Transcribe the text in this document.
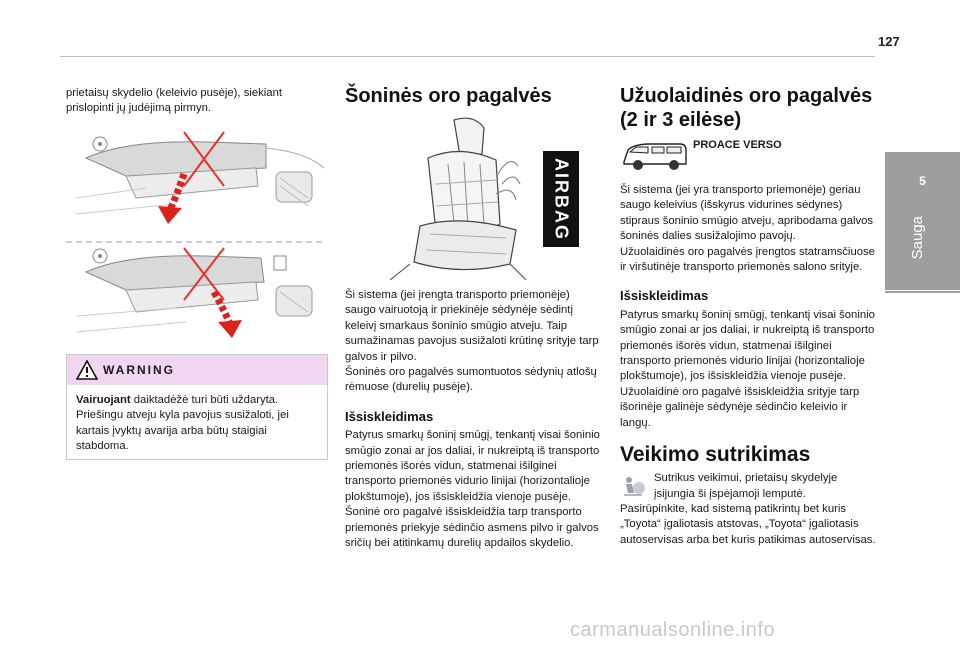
127
5
Sauga

prietaisų skydelio (keleivio pusėje), siekiant prislopinti jų judėjimą pirmyn.

WARNING
Vairuojant daiktadėžė turi būti uždaryta. Priešingu atveju kyla pavojus susižaloti, jei kartais įvyktų avarija arba būtų staigiai stabdoma.
Šoninės oro pagalvės
AIRBAG

Ši sistema (jei įrengta transporto priemonėje) saugo vairuotoją ir priekinėje sėdynėje sėdintį keleivį smarkaus šoninio smūgio atveju. Taip sumažinamas pavojus susižaloti krūtinę srityje tarp galvos ir pilvo.
Šoninės oro pagalvės sumontuotos sėdynių atlošų rėmuose (durelių pusėje).

Išsiskleidimas

Patyrus smarkų šoninį smūgį, tenkantį visai šoninio smūgio zonai ar jos daliai, ir nukreiptą iš transporto priemonės išorės vidun, statmenai išilginei transporto priemonės vidurio linijai (horizontalioje plokštumoje), jos išsiskleidžia vienoje pusėje.
Šoninė oro pagalvė išsiskleidžia tarp transporto priemonės priekyje sėdinčio asmens pilvo ir galvos sričių bei atitinkamų durelių apdailos skydelio.

Užuolaidinės oro pagalvės
(2 ir 3 eilėse)
PROACE VERSO

Ši sistema (jei yra transporto priemonėje) geriau saugo keleivius (išskyrus vidurines sėdynes) stipraus šoninio smūgio atveju, apribodama galvos šoninės dalies susižalojimo pavojų.
Užuolaidinės oro pagalvės įrengtos statramsčiuose ir viršutinėje transporto priemonės salono srityje.

Išsiskleidimas

Patyrus smarkų šoninį smūgį, tenkantį visai šoninio smūgio zonai ar jos daliai, ir nukreiptą iš transporto priemonės išorės vidun, statmenai išilginei transporto priemonės vidurio linijai (horizontalioje plokštumoje), jos išsiskleidžia vienoje pusėje.
Užuolaidinė oro pagalvė išsiskleidžia srityje tarp išorinėje galinėje sėdynėje sėdinčio keleivio ir langų.

Veikimo sutrikimas

Sutrikus veikimui, prietaisų skydelyje įsijungia ši įspėjamoji lemputė.

Pasirūpinkite, kad sistemą patikrintų bet kuris „Toyota“ įgaliotasis atstovas, „Toyota“ įgaliotasis autoservisas arba bet kuris patikimas autoservisas.

carmanualsonline.info
